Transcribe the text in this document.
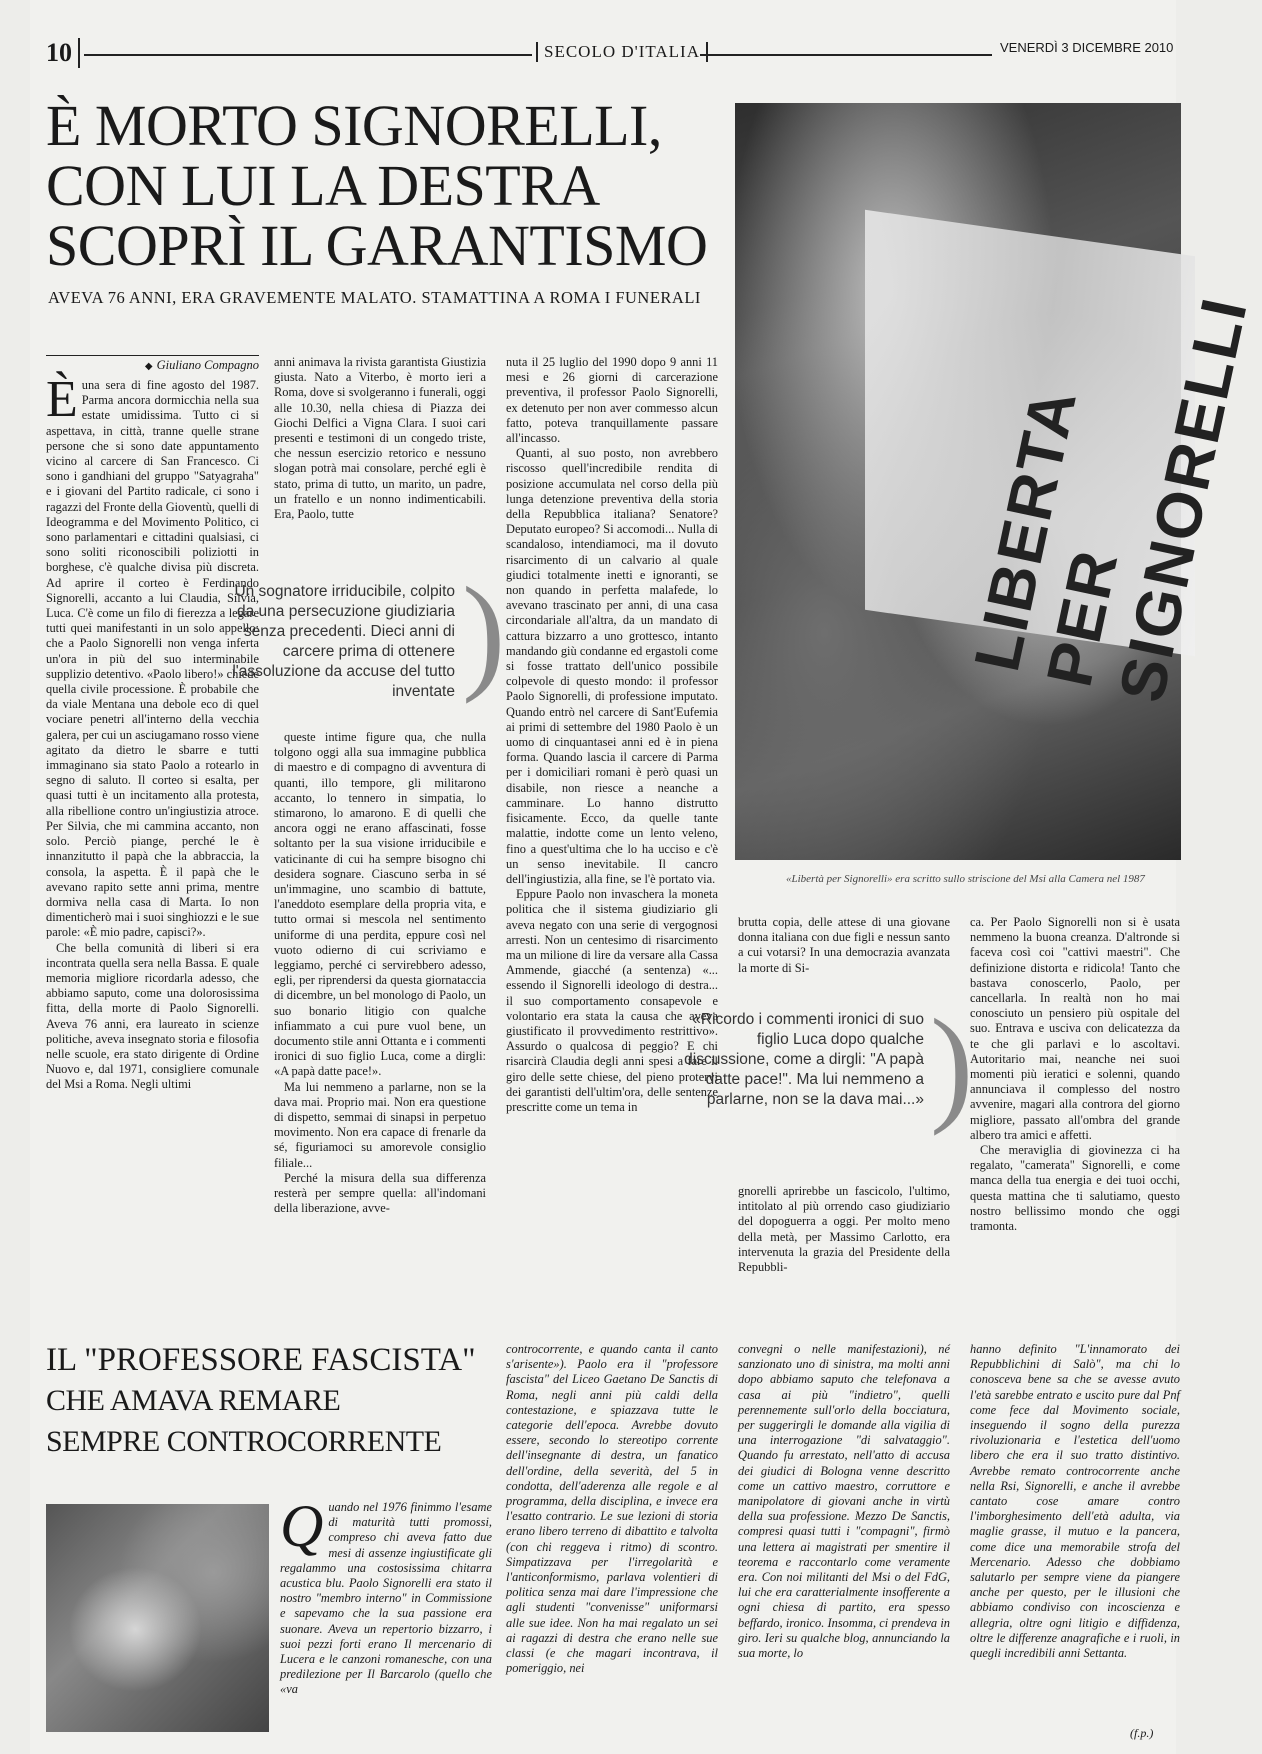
10	SECOLO D'ITALIA	VENERDÌ 3 DICEMBRE 2010
È MORTO SIGNORELLI,
CON LUI LA DESTRA
SCOPRÌ IL GARANTISMO
AVEVA 76 ANNI, ERA GRAVEMENTE MALATO. STAMATTINA A ROMA I FUNERALI
◆ Giuliano Compagno

Èuna sera di fine agosto del 1987. Parma ancora dormicchia nella sua estate umidissima. Tutto ci si aspettava, in città, tranne quelle strane persone che si sono date appuntamento vicino al carcere di San Francesco. Ci sono i gandhiani del gruppo "Satyagraha" e i giovani del Partito radicale, ci sono i ragazzi del Fronte della Gioventù, quelli di Ideogramma e del Movimento Politico, ci sono parlamentari e cittadini qualsiasi, ci sono soliti riconoscibili poliziotti in borghese, c'è qualche divisa più discreta. Ad aprire il corteo è Ferdinando Signorelli, accanto a lui Claudia, Silvia, Luca. C'è come un filo di fierezza a legare tutti quei manifestanti in un solo appello: che a Paolo Signorelli non venga inferta un'ora in più del suo interminabile supplizio detentivo. «Paolo libero!» chiede quella civile processione. È probabile che da viale Mentana una debole eco di quel vociare penetri all'interno della vecchia galera, per cui un asciugamano rosso viene agitato da dietro le sbarre e tutti immaginano sia stato Paolo a rotearlo in segno di saluto. Il corteo si esalta, per quasi tutti è un incitamento alla protesta, alla ribellione contro un'ingiustizia atroce. Per Silvia, che mi cammina accanto, non solo. Perciò piange, perché le è innanzitutto il papà che la abbraccia, la consola, la aspetta. È il papà che le avevano rapito sette anni prima, mentre dormiva nella casa di Marta. Io non dimenticherò mai i suoi singhiozzi e le sue parole: «È mio padre, capisci?».

Che bella comunità di liberi si era incontrata quella sera nella Bassa. E quale memoria migliore ricordarla adesso, che abbiamo saputo, come una dolorosissima fitta, della morte di Paolo Signorelli. Aveva 76 anni, era laureato in scienze politiche, aveva insegnato storia e filosofia nelle scuole, era stato dirigente di Ordine Nuovo e, dal 1971, consigliere comunale del Msi a Roma. Negli ultimi

anni animava la rivista garantista Giustizia giusta. Nato a Viterbo, è morto ieri a Roma, dove si svolgeranno i funerali, oggi alle 10.30, nella chiesa di Piazza dei Giochi Delfici a Vigna Clara. I suoi cari presenti e testimoni di un congedo triste, che nessun esercizio retorico e nessuno slogan potrà mai consolare, perché egli è stato, prima di tutto, un marito, un padre, un fratello e un nonno indimenticabili. Era, Paolo, tutte

Un sognatore irriducibile, colpito da una persecuzione giudiziaria senza precedenti. Dieci anni di carcere prima di ottenere l'assoluzione da accuse del tutto inventate )

queste intime figure qua, che nulla tolgono oggi alla sua immagine pubblica di maestro e di compagno di avventura di quanti, illo tempore, gli militarono accanto, lo tennero in simpatia, lo stimarono, lo amarono. E di quelli che ancora oggi ne erano affascinati, fosse soltanto per la sua visione irriducibile e vaticinante di cui ha sempre bisogno chi desidera sognare. Ciascuno serba in sé un'immagine, uno scambio di battute, l'aneddoto esemplare della propria vita, e tutto ormai si mescola nel sentimento uniforme di una perdita, eppure così nel vuoto odierno di cui scriviamo e leggiamo, perché ci servirebbero adesso, egli, per riprendersi da questa giornataccia di dicembre, un bel monologo di Paolo, un suo bonario litigio con qualche infiammato a cui pure vuol bene, un documento stile anni Ottanta e i commenti ironici di suo figlio Luca, come a dirgli: «A papà datte pace!».

Ma lui nemmeno a parlarne, non se la dava mai. Proprio mai. Non era questione di dispetto, semmai di sinapsi in perpetuo movimento. Non era capace di frenarle da sé, figuriamoci su amorevole consiglio filiale...

Perché la misura della sua differenza resterà per sempre quella: all'indomani della liberazione, avve-

nuta il 25 luglio del 1990 dopo 9 anni 11 mesi e 26 giorni di carcerazione preventiva, il professor Paolo Signorelli, ex detenuto per non aver commesso alcun fatto, poteva tranquillamente passare all'incasso.

Quanti, al suo posto, non avrebbero riscosso quell'incredibile rendita di posizione accumulata nel corso della più lunga detenzione preventiva della storia della Repubblica italiana? Senatore? Deputato europeo? Si accomodi... Nulla di scandaloso, intendiamoci, ma il dovuto risarcimento di un calvario al quale giudici totalmente inetti e ignoranti, se non quando in perfetta malafede, lo avevano trascinato per anni, di una casa circondariale all'altra, da un mandato di cattura bizzarro a uno grottesco, intanto mandando giù condanne ed ergastoli come si fosse trattato dell'unico possibile colpevole di questo mondo: il professor Paolo Signorelli, di professione imputato. Quando entrò nel carcere di Sant'Eufemia ai primi di settembre del 1980 Paolo è un uomo di cinquantasei anni ed è in piena forma. Quando lascia il carcere di Parma per i domiciliari romani è però quasi un disabile, non riesce a neanche a camminare. Lo hanno distrutto fisicamente. Ecco, da quelle tante malattie, indotte come un lento veleno, fino a quest'ultima che lo ha ucciso e c'è un senso inevitabile. Il cancro dell'ingiustizia, alla fine, se l'è portato via.

Eppure Paolo non invaschera la moneta politica che il sistema giudiziario gli aveva negato con una serie di vergognosi arresti. Non un centesimo di risarcimento ma un milione di lire da versare alla Cassa Ammende, giacché (a sentenza) «... essendo il Signorelli ideologo di destra... il suo comportamento consapevole e volontario era stata la causa che aveva giustificato il provvedimento restrittivo». Assurdo o qualcosa di peggio? E chi risarcirà Claudia degli anni spesi a fare il giro delle sette chiese, del pieno protervi dei garantisti dell'ultim'ora, delle sentenze prescritte come un tema in

LIBERTA PER SIGNORELLI
«Libertà per Signorelli» era scritto sullo striscione del Msi alla Camera nel 1987

brutta copia, delle attese di una giovane donna italiana con due figli e nessun santo a cui votarsi? In una democrazia avanzata la morte di Si-

«Ricordo i commenti ironici di suo figlio Luca dopo qualche discussione, come a dirgli: "A papà datte pace!". Ma lui nemmeno a parlarne, non se la dava mai...» )

gnorelli aprirebbe un fascicolo, l'ultimo, intitolato al più orrendo caso giudiziario del dopoguerra a oggi. Per molto meno della metà, per Massimo Carlotto, era intervenuta la grazia del Presidente della Repubbli-

ca. Per Paolo Signorelli non si è usata nemmeno la buona creanza. D'altronde si faceva così coi "cattivi maestri". Che definizione distorta e ridicola! Tanto che bastava conoscerlo, Paolo, per cancellarla. In realtà non ho mai conosciuto un pensiero più ospitale del suo. Entrava e usciva con delicatezza da te che gli parlavi e lo ascoltavi. Autoritario mai, neanche nei suoi momenti più ieratici e solenni, quando annunciava il complesso del nostro avvenire, magari alla controra del giorno migliore, passato all'ombra del grande albero tra amici e affetti.

Che meraviglia di giovinezza ci ha regalato, "camerata" Signorelli, e come manca della tua energia e dei tuoi occhi, questa mattina che ti salutiamo, questo nostro bellissimo mondo che oggi tramonta.

IL "PROFESSORE FASCISTA"
CHE AMAVA REMARE
SEMPRE CONTROCORRENTE

Quando nel 1976 finimmo l'esame di maturità tutti promossi, compreso chi aveva fatto due mesi di assenze ingiustificate gli regalammo una costosissima chitarra acustica blu. Paolo Signorelli era stato il nostro "membro interno" in Commissione e sapevamo che la sua passione era suonare. Aveva un repertorio bizzarro, i suoi pezzi forti erano Il mercenario di Lucera e le canzoni romanesche, con una predilezione per Il Barcarolo (quello che «va

controcorrente, e quando canta il canto s'arisente»). Paolo era il "professore fascista" del Liceo Gaetano De Sanctis di Roma, negli anni più caldi della contestazione, e spiazzava tutte le categorie dell'epoca. Avrebbe dovuto essere, secondo lo stereotipo corrente dell'insegnante di destra, un fanatico dell'ordine, della severità, del 5 in condotta, dell'aderenza alle regole e al programma, della disciplina, e invece era l'esatto contrario. Le sue lezioni di storia erano libero terreno di dibattito e talvolta (con chi reggeva i ritmo) di scontro. Simpatizzava per l'irregolarità e l'anticonformismo, parlava volentieri di politica senza mai dare l'impressione che agli studenti "convenisse" uniformarsi alle sue idee. Non ha mai regalato un sei ai ragazzi di destra che erano nelle sue classi (e che magari incontrava, il pomeriggio, nei

convegni o nelle manifestazioni), né sanzionato uno di sinistra, ma molti anni dopo abbiamo saputo che telefonava a casa ai più "indietro", quelli perennemente sull'orlo della bocciatura, per suggerirgli le domande alla vigilia di una interrogazione "di salvataggio". Quando fu arrestato, nell'atto di accusa dei giudici di Bologna venne descritto come un cattivo maestro, corruttore e manipolatore di giovani anche in virtù della sua professione. Mezzo De Sanctis, compresi quasi tutti i "compagni", firmò una lettera ai magistrati per smentire il teorema e raccontarlo come veramente era. Con noi militanti del Msi o del FdG, lui che era caratterialmente insofferente a ogni chiesa di partito, era spesso beffardo, ironico. Insomma, ci prendeva in giro. Ieri su qualche blog, annunciando la sua morte, lo

hanno definito "L'innamorato dei Repubblichini di Salò", ma chi lo conosceva bene sa che se avesse avuto l'età sarebbe entrato e uscito pure dal Pnf come fece dal Movimento sociale, inseguendo il sogno della purezza rivoluzionaria e l'estetica dell'uomo libero che era il suo tratto distintivo. Avrebbe remato controcorrente anche nella Rsi, Signorelli, e anche il avrebbe cantato cose amare contro l'imborghesimento dell'età adulta, via maglie grasse, il mutuo e la pancera, come dice una memorabile strofa del Mercenario. Adesso che dobbiamo salutarlo per sempre viene da piangere anche per questo, per le illusioni che abbiamo condiviso con incoscienza e allegria, oltre ogni litigio e diffidenza, oltre le differenze anagrafiche e i ruoli, in quegli incredibili anni Settanta.

(f.p.)
